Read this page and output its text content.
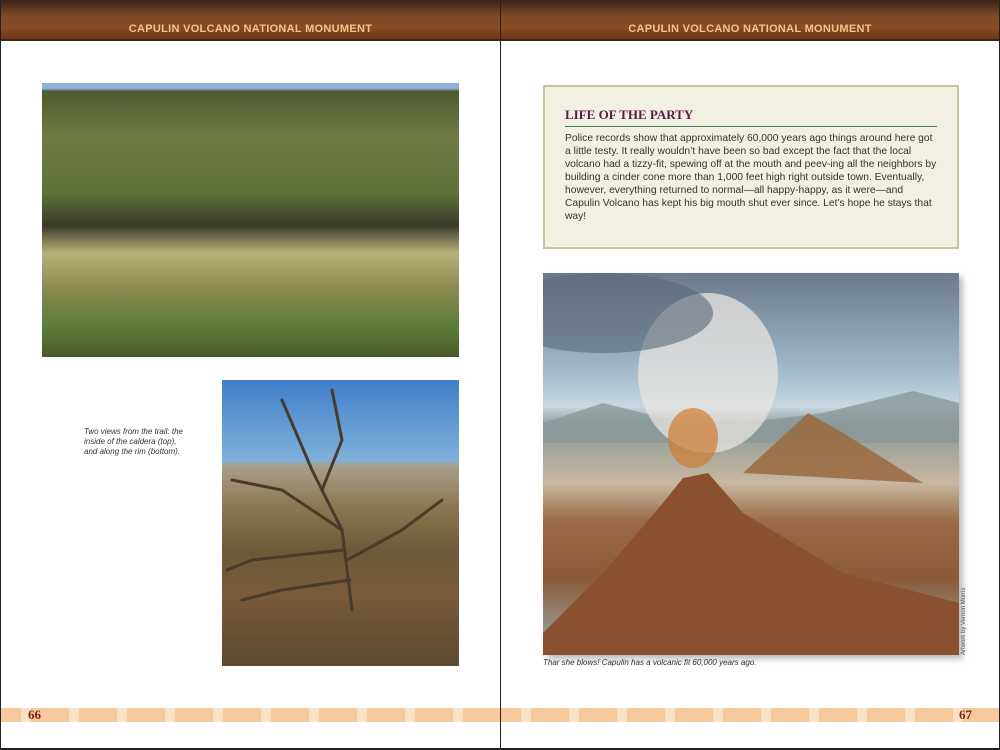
CAPULIN VOLCANO NATIONAL MONUMENT
Two views from the trail: the inside of the caldera (top), and along the rim (bottom).
66
CAPULIN VOLCANO NATIONAL MONUMENT
LIFE OF THE PARTY

Police records show that approximately 60,000 years ago things around here got a little testy. It really wouldn’t have been so bad except the fact that the local volcano had a tizzy-fit, spewing off at the mouth and peev-ing all the neighbors by building a cinder cone more than 1,000 feet high right outside town. Eventually, however, everything returned to normal—all happy-happy, as it were—and Capulin Volcano has kept his big mouth shut ever since. Let’s hope he stays that way!

Artwork by Vernon Morris
Thar she blows! Capulin has a volcanic fit 60,000 years ago.
67
